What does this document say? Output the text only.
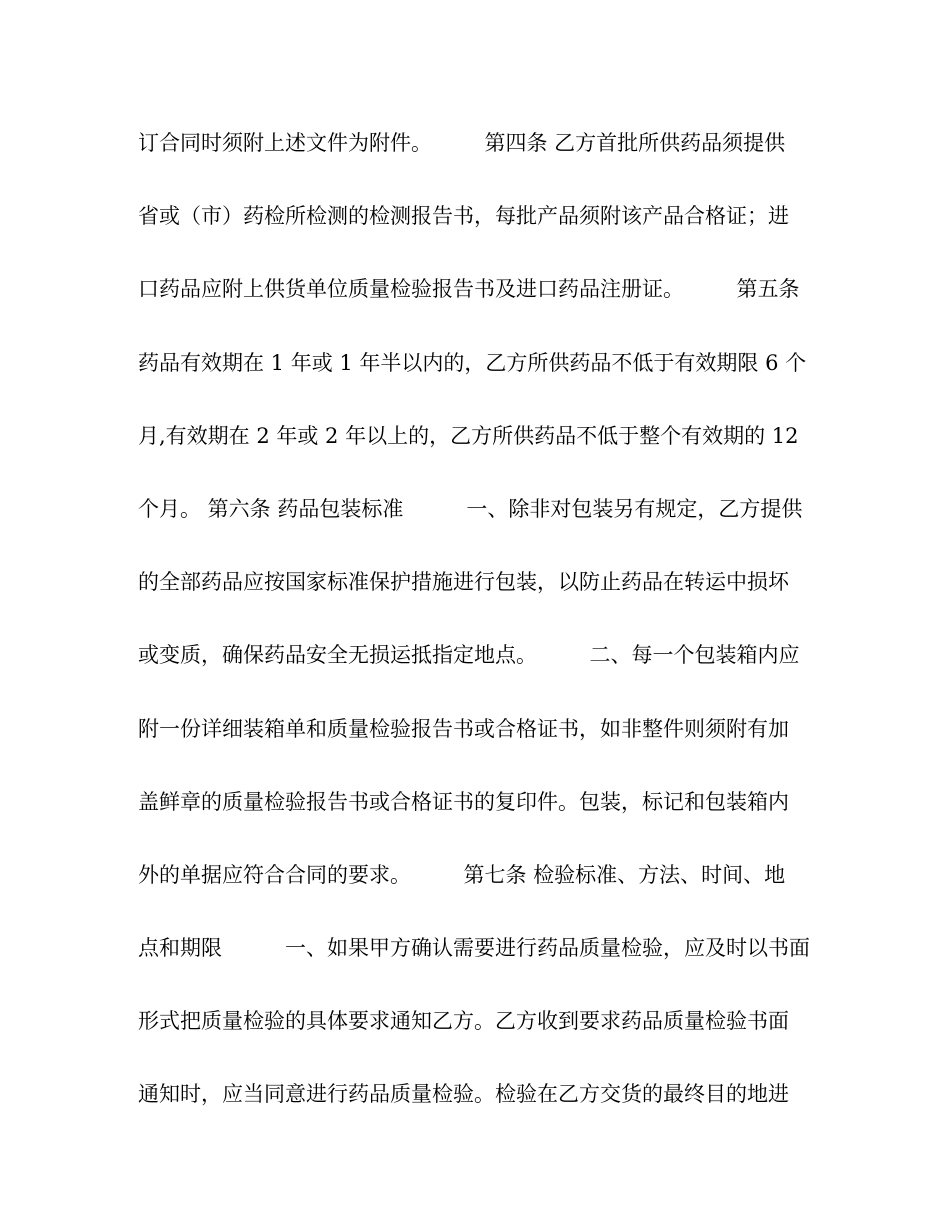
订合同时须附上述文件为附件。　　　第四条 乙方首批所供药品须提供
省或（市）药检所检测的检测报告书，每批产品须附该产品合格证；进
口药品应附上供货单位质量检验报告书及进口药品注册证。　　　第五条
药品有效期在 1 年或 1 年半以内的，乙方所供药品不低于有效期限 6 个
月,有效期在 2 年或 2 年以上的，乙方所供药品不低于整个有效期的 12
个月。 第六条 药品包装标准　　　一、除非对包装另有规定，乙方提供
的全部药品应按国家标准保护措施进行包装，以防止药品在转运中损坏
或变质，确保药品安全无损运抵指定地点。　　　二、每一个包装箱内应
附一份详细装箱单和质量检验报告书或合格证书，如非整件则须附有加
盖鲜章的质量检验报告书或合格证书的复印件。包装，标记和包装箱内
外的单据应符合合同的要求。　　　第七条 检验标准、方法、时间、地
点和期限　　　一、如果甲方确认需要进行药品质量检验，应及时以书面
形式把质量检验的具体要求通知乙方。乙方收到要求药品质量检验书面
通知时，应当同意进行药品质量检验。检验在乙方交货的最终目的地进
